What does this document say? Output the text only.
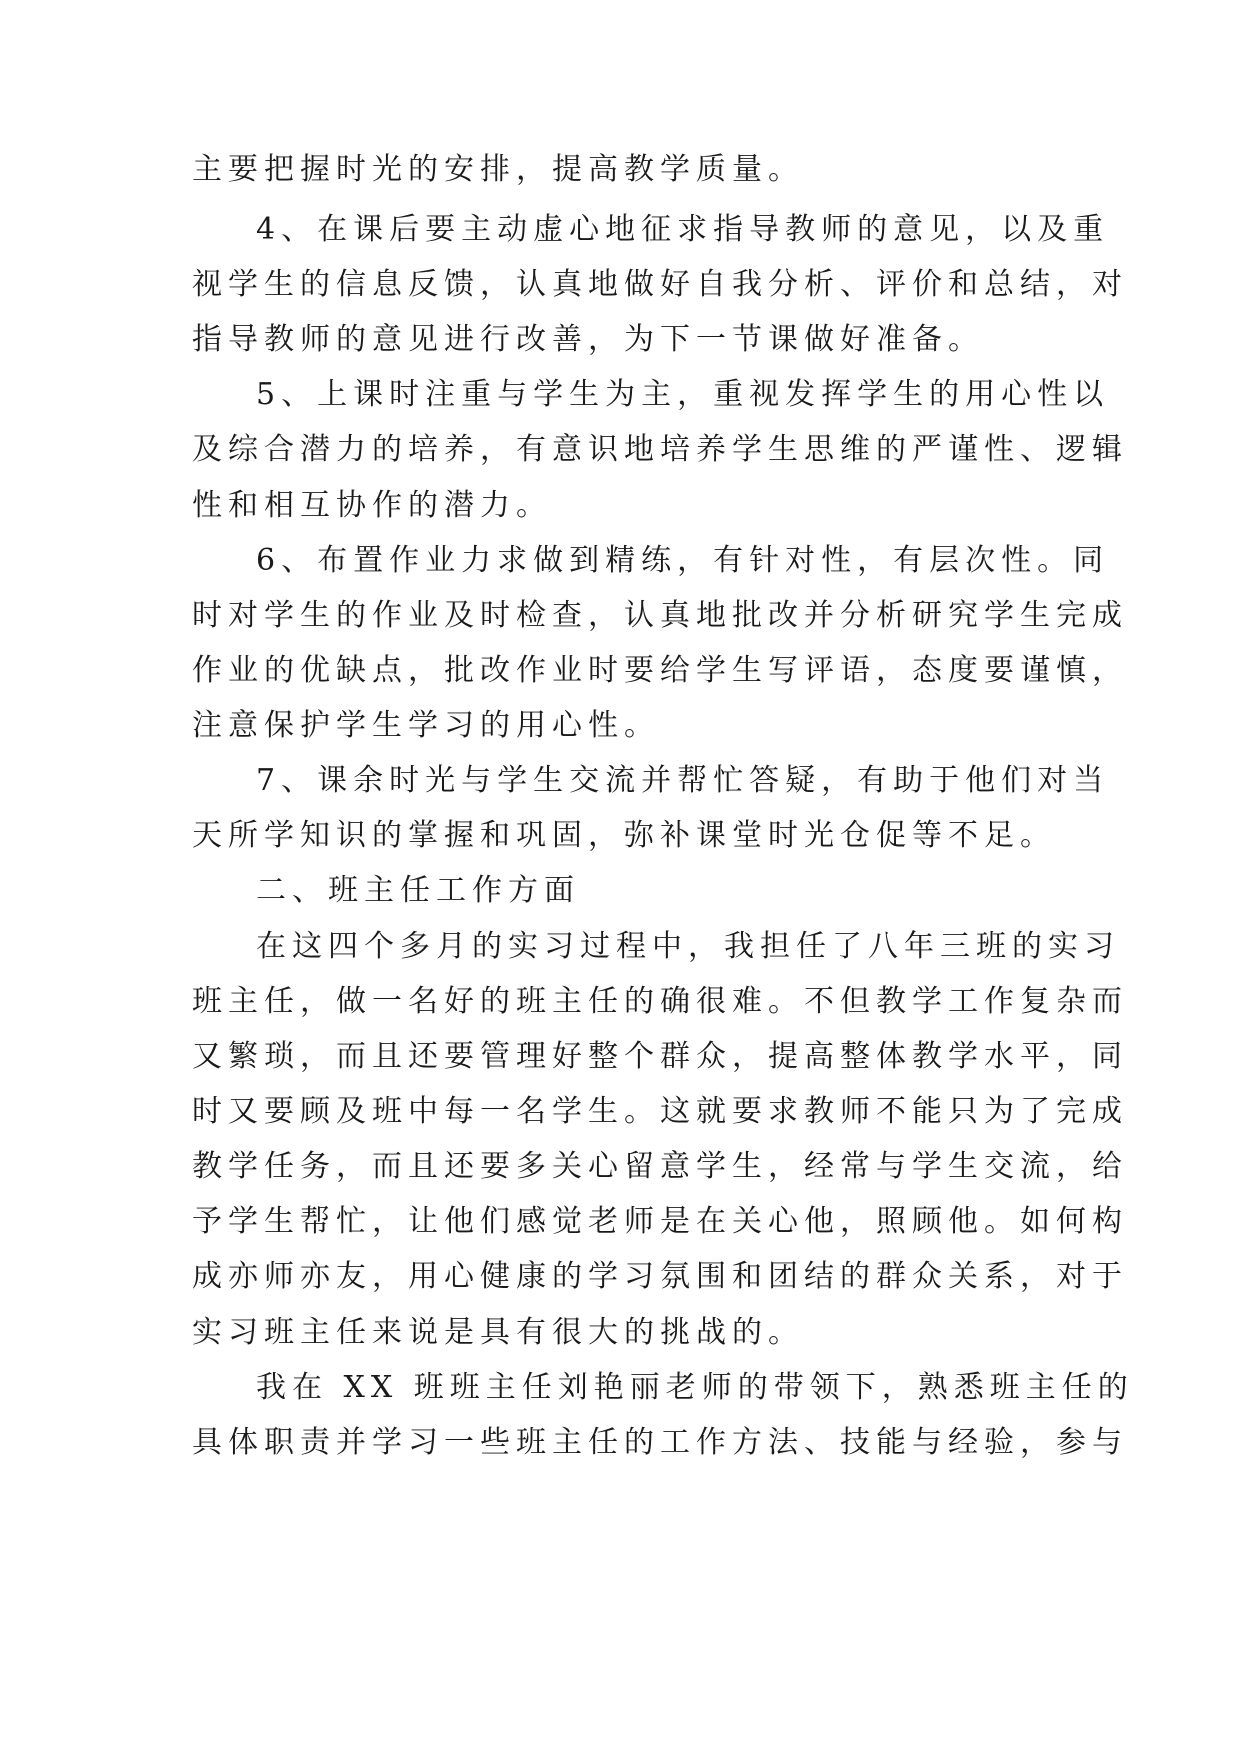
主要把握时光的安排，提高教学质量。
4、在课后要主动虚心地征求指导教师的意见，以及重
视学生的信息反馈，认真地做好自我分析、评价和总结，对
指导教师的意见进行改善，为下一节课做好准备。
5、上课时注重与学生为主，重视发挥学生的用心性以
及综合潜力的培养，有意识地培养学生思维的严谨性、逻辑
性和相互协作的潜力。
6、布置作业力求做到精练，有针对性，有层次性。同
时对学生的作业及时检查，认真地批改并分析研究学生完成
作业的优缺点，批改作业时要给学生写评语，态度要谨慎，
注意保护学生学习的用心性。
7、课余时光与学生交流并帮忙答疑，有助于他们对当
天所学知识的掌握和巩固，弥补课堂时光仓促等不足。
二、班主任工作方面
在这四个多月的实习过程中，我担任了八年三班的实习
班主任，做一名好的班主任的确很难。不但教学工作复杂而
又繁琐，而且还要管理好整个群众，提高整体教学水平，同
时又要顾及班中每一名学生。这就要求教师不能只为了完成
教学任务，而且还要多关心留意学生，经常与学生交流，给
予学生帮忙，让他们感觉老师是在关心他，照顾他。如何构
成亦师亦友，用心健康的学习氛围和团结的群众关系，对于
实习班主任来说是具有很大的挑战的。
我在 XX 班班主任刘艳丽老师的带领下，熟悉班主任的
具体职责并学习一些班主任的工作方法、技能与经验，参与
